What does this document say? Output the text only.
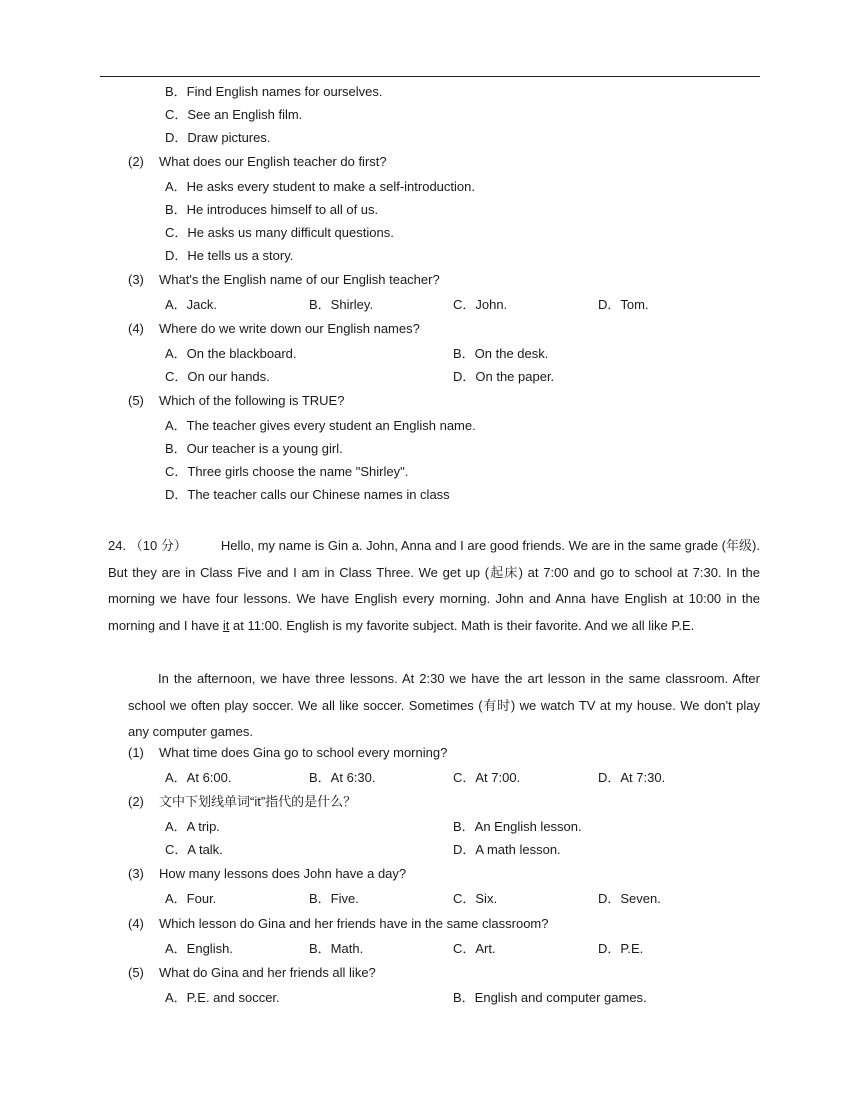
B．Find English names for ourselves.
C．See an English film.
D．Draw pictures.
(2) What does our English teacher do first?
A．He asks every student to make a self-introduction.
B．He introduces himself to all of us.
C．He asks us many difficult questions.
D．He tells us a story.
(3) What's the English name of our English teacher?
A．Jack.	B．Shirley.	C．John.	D．Tom.
(4) Where do we write down our English names?
A．On the blackboard.	B．On the desk.
C．On our hands.	D．On the paper.
(5) Which of the following is TRUE?
A．The teacher gives every student an English name.
B．Our teacher is a young girl.
C．Three girls choose the name "Shirley".
D．The teacher calls our Chinese names in class
24. （10 分）	Hello, my name is Gin a. John, Anna and I are good friends. We are in the same grade (年级). But they are in Class Five and I am in Class Three. We get up (起床) at 7:00 and go to school at 7:30. In the morning we have four lessons. We have English every morning. John and Anna have English at 10:00 in the morning and I have it at 11:00. English is my favorite subject. Math is their favorite. And we all like P.E.
In the afternoon, we have three lessons. At 2:30 we have the art lesson in the same classroom. After school we often play soccer. We all like soccer. Sometimes (有时) we watch TV at my house. We don't play any computer games.
(1) What time does Gina go to school every morning?
A．At 6:00.	B．At 6:30.	C．At 7:00.	D．At 7:30.
(2) 文中下划线单词“it”指代的是什么？
A．A trip.	B．An English lesson.
C．A talk.	D．A math lesson.
(3) How many lessons does John have a day?
A．Four.	B．Five.	C．Six.	D．Seven.
(4) Which lesson do Gina and her friends have in the same classroom?
A．English.	B．Math.	C．Art.	D．P.E.
(5) What do Gina and her friends all like?
A．P.E. and soccer.	B．English and computer games.
